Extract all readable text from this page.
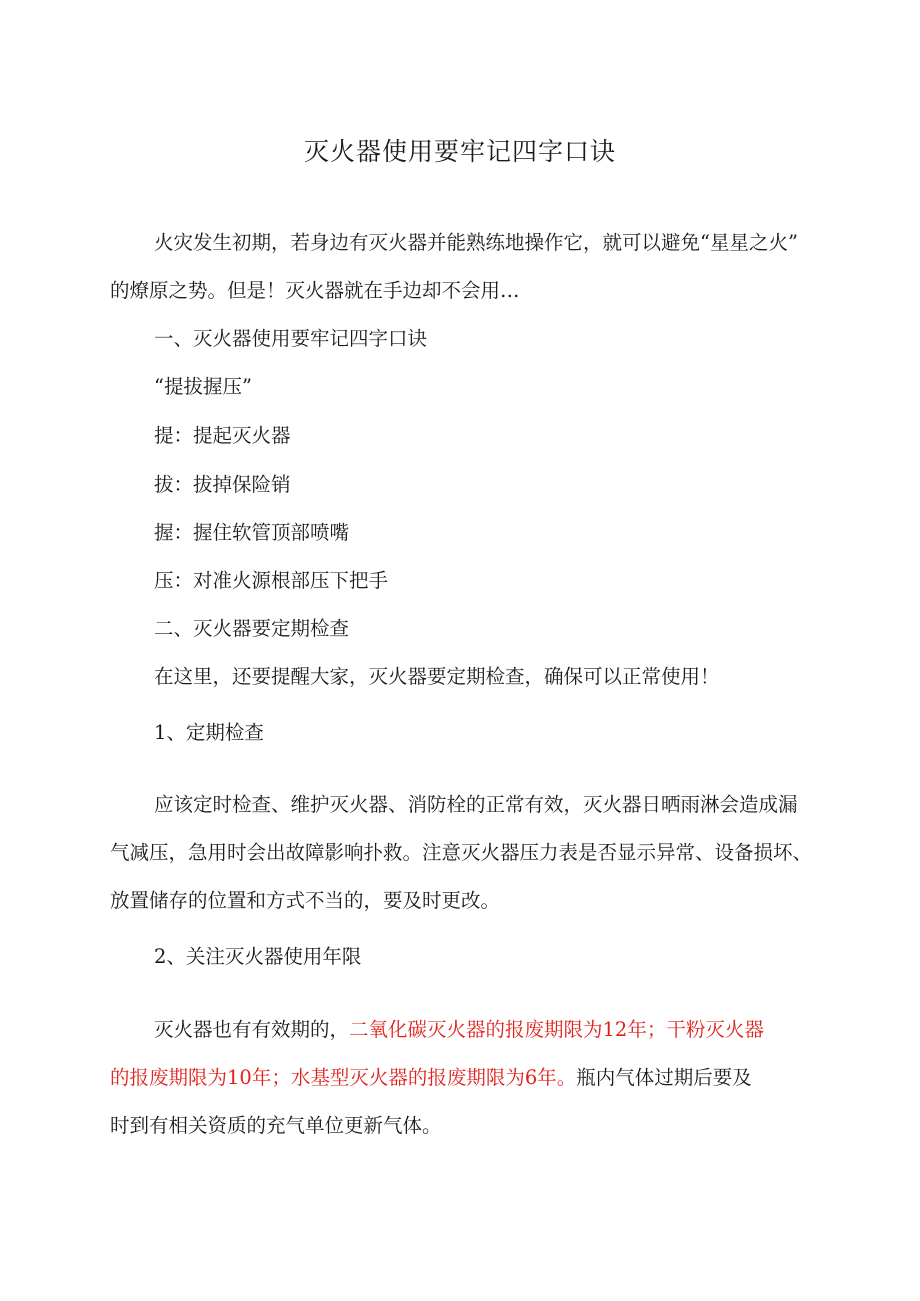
灭火器使用要牢记四字口诀
火灾发生初期，若身边有灭火器并能熟练地操作它，就可以避免“星星之火”
的燎原之势。但是！灭火器就在手边却不会用…
一、灭火器使用要牢记四字口诀
“提拔握压”
提：提起灭火器
拔：拔掉保险销
握：握住软管顶部喷嘴
压：对准火源根部压下把手
二、灭火器要定期检查
在这里，还要提醒大家，灭火器要定期检查，确保可以正常使用！
1、定期检查
应该定时检查、维护灭火器、消防栓的正常有效，灭火器日晒雨淋会造成漏
气减压，急用时会出故障影响扑救。注意灭火器压力表是否显示异常、设备损坏、
放置储存的位置和方式不当的，要及时更改。
2、关注灭火器使用年限
灭火器也有有效期的，二氧化碳灭火器的报废期限为12年；干粉灭火器
的报废期限为10年；水基型灭火器的报废期限为6年。瓶内气体过期后要及
时到有相关资质的充气单位更新气体。
